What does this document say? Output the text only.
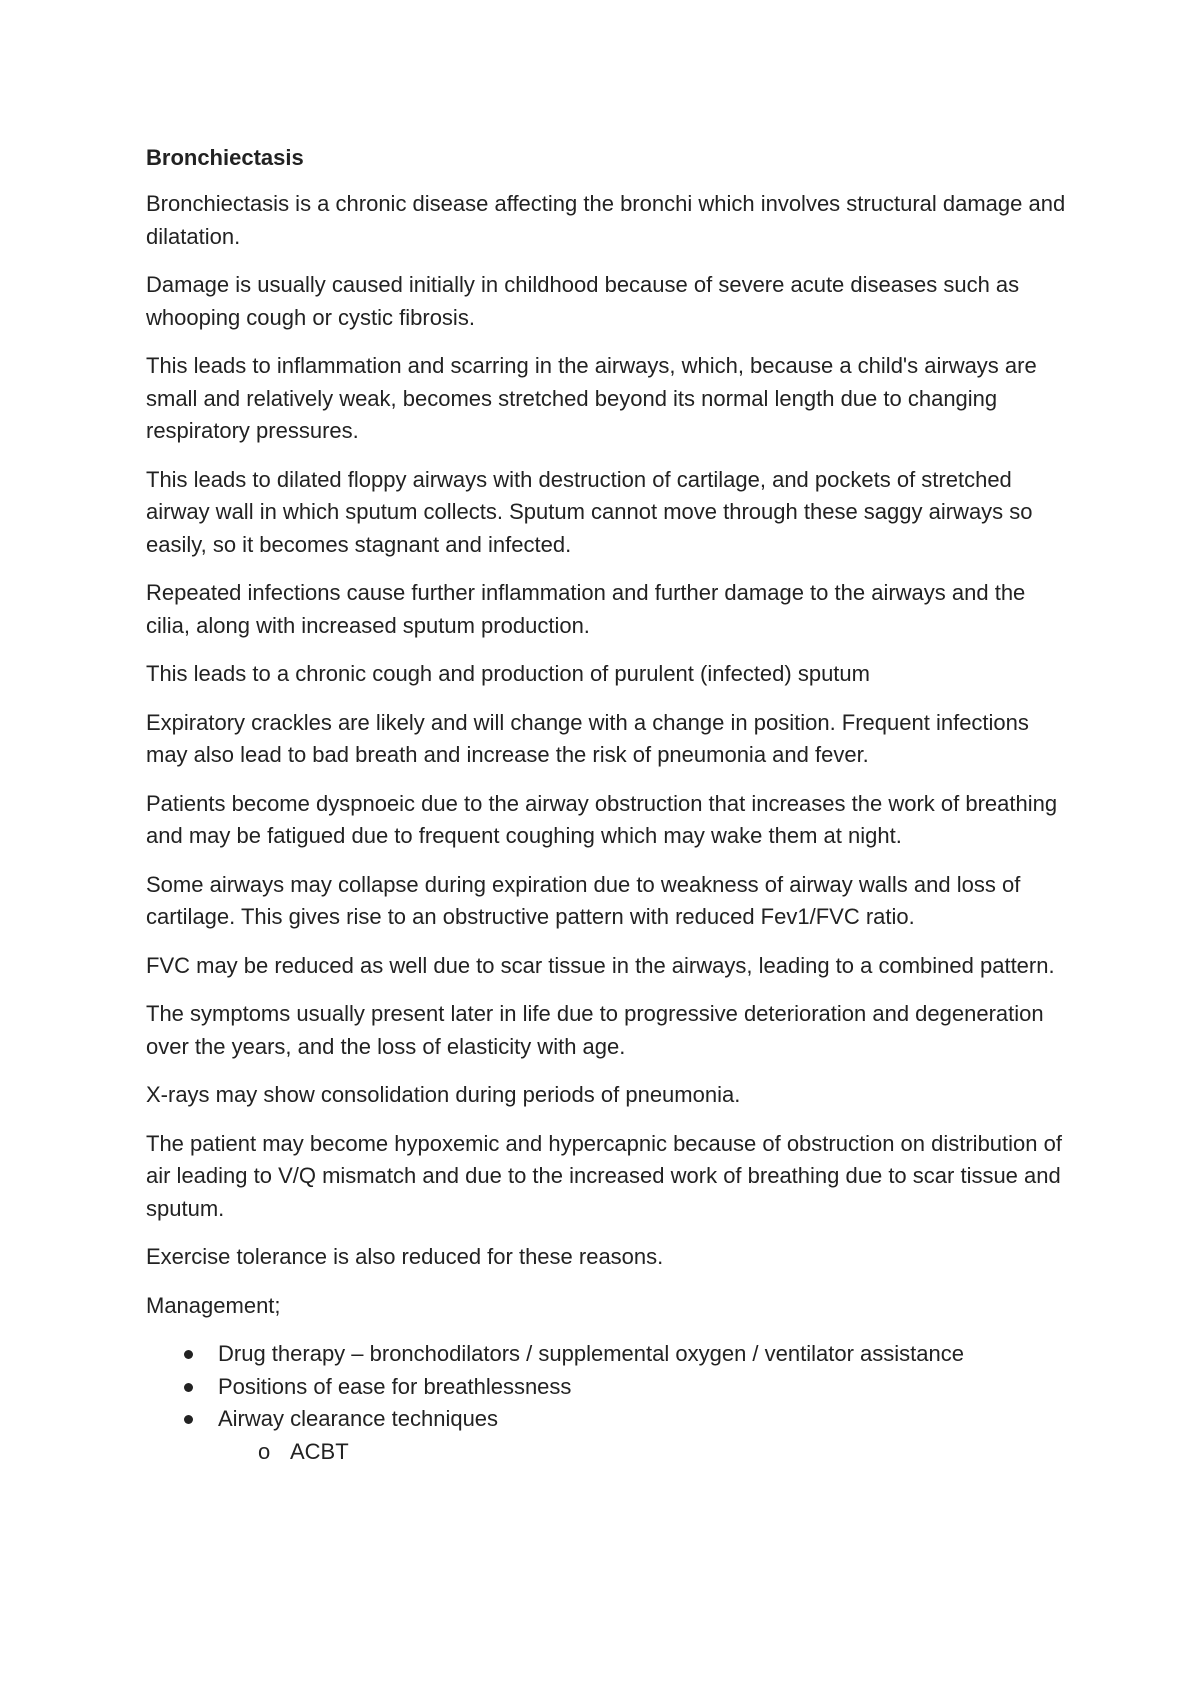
Bronchiectasis

Bronchiectasis is a chronic disease affecting the bronchi which involves structural damage and dilatation.

Damage is usually caused initially in childhood because of severe acute diseases such as whooping cough or cystic fibrosis.

This leads to inflammation and scarring in the airways, which, because a child's airways are small and relatively weak, becomes stretched beyond its normal length due to changing respiratory pressures.

This leads to dilated floppy airways with destruction of cartilage, and pockets of stretched airway wall in which sputum collects. Sputum cannot move through these saggy airways so easily, so it becomes stagnant and infected.

Repeated infections cause further inflammation and further damage to the airways and the cilia, along with increased sputum production.

This leads to a chronic cough and production of purulent (infected) sputum

Expiratory crackles are likely and will change with a change in position. Frequent infections may also lead to bad breath and increase the risk of pneumonia and fever.

Patients become dyspnoeic due to the airway obstruction that increases the work of breathing and may be fatigued due to frequent coughing which may wake them at night.

Some airways may collapse during expiration due to weakness of airway walls and loss of cartilage. This gives rise to an obstructive pattern with reduced Fev1/FVC ratio.

FVC may be reduced as well due to scar tissue in the airways, leading to a combined pattern.

The symptoms usually present later in life due to progressive deterioration and degeneration over the years, and the loss of elasticity with age.

X-rays may show consolidation during periods of pneumonia.

The patient may become hypoxemic and hypercapnic because of obstruction on distribution of air leading to V/Q mismatch and due to the increased work of breathing due to scar tissue and sputum.

Exercise tolerance is also reduced for these reasons.

Management;

Drug therapy – bronchodilators / supplemental oxygen / ventilator assistance
Positions of ease for breathlessness
Airway clearance techniques
o ACBT
